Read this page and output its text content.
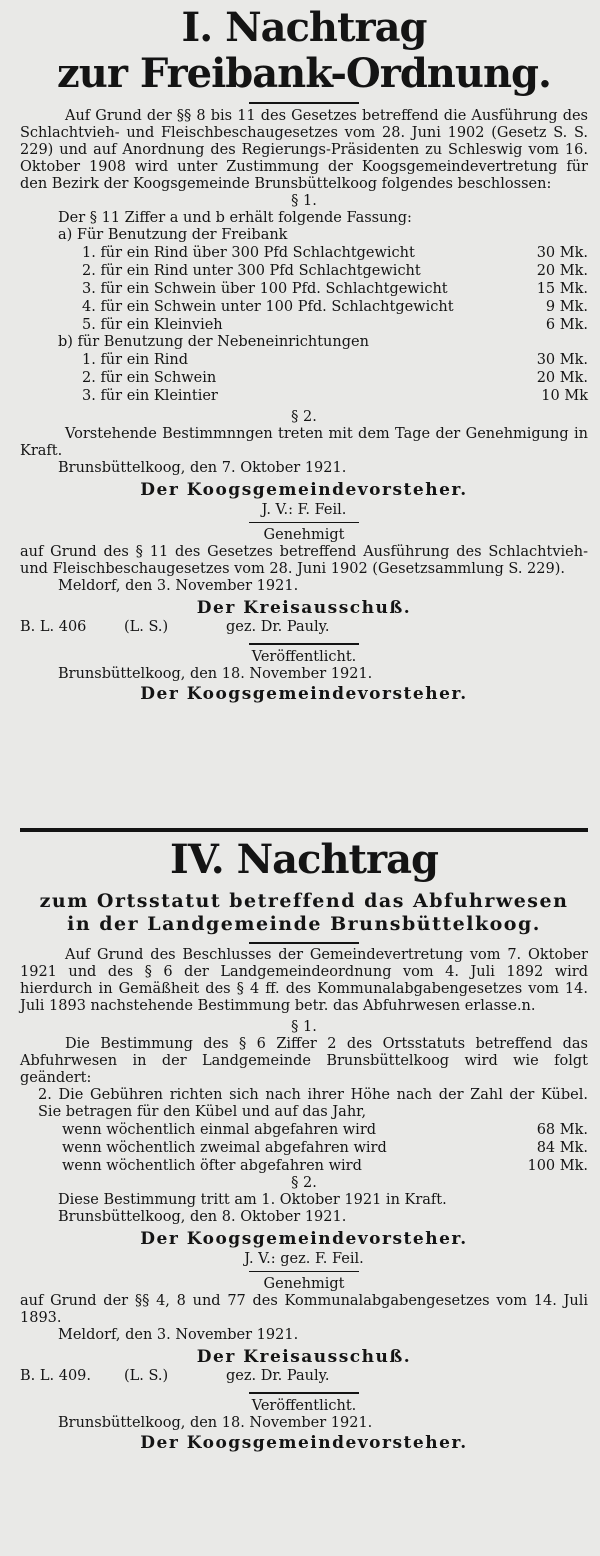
I. Nachtrag
zur Freibank-Ordnung.
Auf Grund der §§ 8 bis 11 des Gesetzes betreffend die Ausführung des Schlachtvieh- und Fleischbeschaugesetzes vom 28. Juni 1902 (Gesetz S. S. 229) und auf Anordnung des Regierungs-Präsidenten zu Schleswig vom 16. Oktober 1908 wird unter Zustimmung der Koogsgemeindevertretung für den Bezirk der Koogsgemeinde Brunsbüttelkoog folgendes beschlossen:
§ 1.
Der § 11 Ziffer a und b erhält folgende Fassung:
a) Für Benutzung der Freibank
1. für ein Rind über 300 Pfd Schlachtgewicht	30 Mk.
2. für ein Rind unter 300 Pfd Schlachtgewicht	20 Mk.
3. für ein Schwein über 100 Pfd. Schlachtgewicht	15 Mk.
4. für ein Schwein unter 100 Pfd. Schlachtgewicht	9 Mk.
5. für ein Kleinvieh	6 Mk.
b) für Benutzung der Nebeneinrichtungen
1. für ein Rind	30 Mk.
2. für ein Schwein	20 Mk.
3. für ein Kleintier	10 Mk
§ 2.
Vorstehende Bestimmnngen treten mit dem Tage der Genehmigung in Kraft.
Brunsbüttelkoog, den 7. Oktober 1921.
Der Koogsgemeindevorsteher.
J. V.: F. Feil.
Genehmigt
auf Grund des § 11 des Gesetzes betreffend Ausführung des Schlachtvieh- und Fleischbeschaugesetzes vom 28. Juni 1902 (Gesetzsammlung S. 229).
Meldorf, den 3. November 1921.
Der Kreisausschuß.
B. L. 406	(L. S.)	gez. Dr. Pauly.
Veröffentlicht.
Brunsbüttelkoog, den 18. November 1921.
Der Koogsgemeindevorsteher.
IV. Nachtrag
zum Ortsstatut betreffend das Abfuhrwesen
in der Landgemeinde Brunsbüttelkoog.
Auf Grund des Beschlusses der Gemeindevertretung vom 7. Oktober 1921 und des § 6 der Landgemeindeordnung vom 4. Juli 1892 wird hierdurch in Gemäßheit des § 4 ff. des Kommunalabgabengesetzes vom 14. Juli 1893 nachstehende Bestimmung betr. das Abfuhrwesen erlasse.n.
§ 1.
Die Bestimmung des § 6 Ziffer 2 des Ortsstatuts betreffend das Abfuhrwesen in der Landgemeinde Brunsbüttelkoog wird wie folgt geändert:
2. Die Gebühren richten sich nach ihrer Höhe nach der Zahl der Kübel. Sie betragen für den Kübel und auf das Jahr,
wenn wöchentlich einmal abgefahren wird	68 Mk.
wenn wöchentlich zweimal abgefahren wird	84 Mk.
wenn wöchentlich öfter abgefahren wird	100 Mk.
§ 2.
Diese Bestimmung tritt am 1. Oktober 1921 in Kraft.
Brunsbüttelkoog, den 8. Oktober 1921.
Der Koogsgemeindevorsteher.
J. V.: gez. F. Feil.
Genehmigt
auf Grund der §§ 4, 8 und 77 des Kommunalabgabengesetzes vom 14. Juli 1893.
Meldorf, den 3. November 1921.
Der Kreisausschuß.
B. L. 409. (L. S.)	gez. Dr. Pauly.
Veröffentlicht.
Brunsbüttelkoog, den 18. November 1921.
Der Koogsgemeindevorsteher.
